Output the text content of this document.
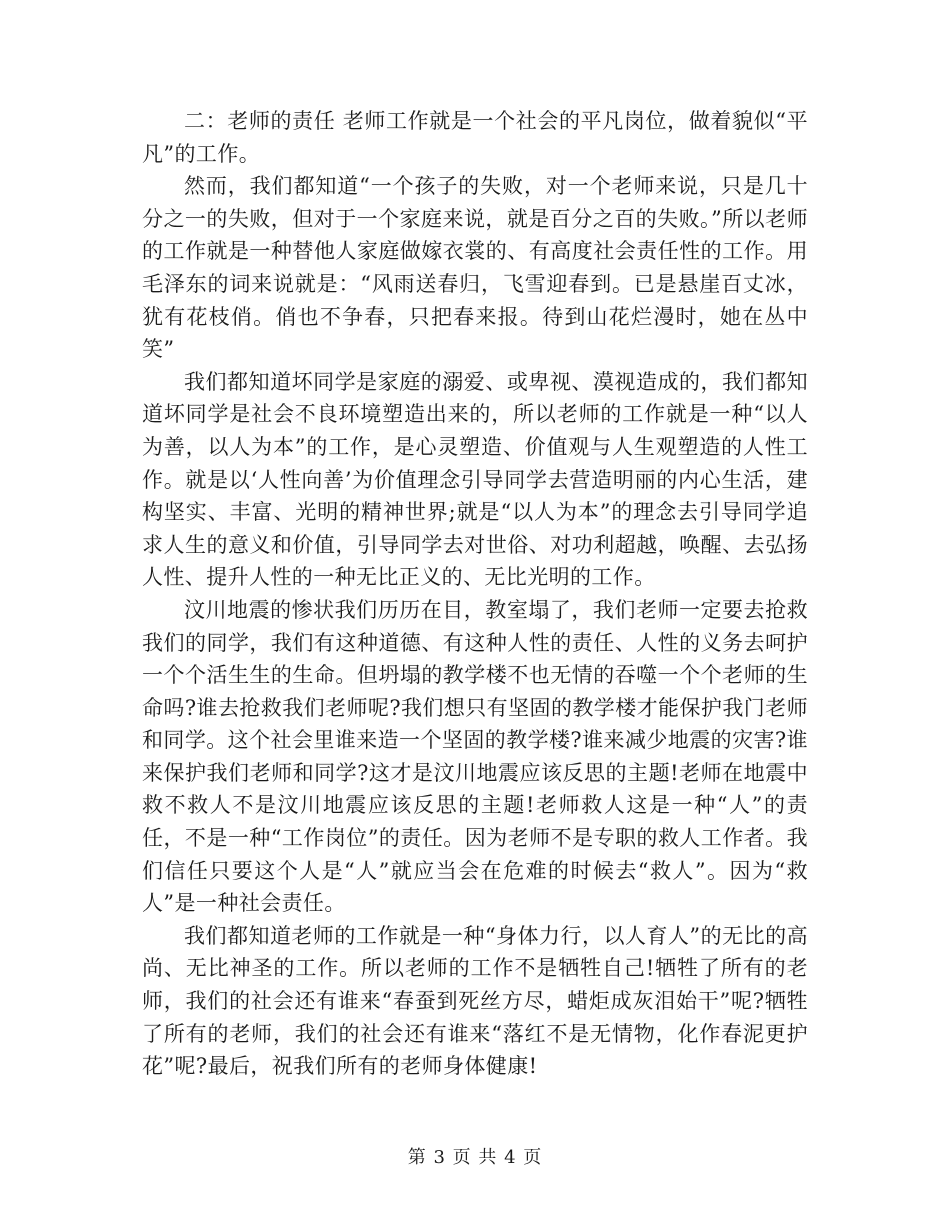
二：老师的责任 老师工作就是一个社会的平凡岗位，做着貌似“平凡”的工作。

然而，我们都知道“一个孩子的失败，对一个老师来说，只是几十分之一的失败，但对于一个家庭来说，就是百分之百的失败。”所以老师的工作就是一种替他人家庭做嫁衣裳的、有高度社会责任性的工作。用毛泽东的词来说就是：“风雨送春归，飞雪迎春到。已是悬崖百丈冰，犹有花枝俏。俏也不争春，只把春来报。待到山花烂漫时，她在丛中笑”

我们都知道坏同学是家庭的溺爱、或卑视、漠视造成的，我们都知道坏同学是社会不良环境塑造出来的，所以老师的工作就是一种“以人为善，以人为本”的工作，是心灵塑造、价值观与人生观塑造的人性工作。就是以‘人性向善’为价值理念引导同学去营造明丽的内心生活，建构坚实、丰富、光明的精神世界;就是“以人为本”的理念去引导同学追求人生的意义和价值，引导同学去对世俗、对功利超越，唤醒、去弘扬人性、提升人性的一种无比正义的、无比光明的工作。

汶川地震的惨状我们历历在目，教室塌了，我们老师一定要去抢救我们的同学，我们有这种道德、有这种人性的责任、人性的义务去呵护一个个活生生的生命。但坍塌的教学楼不也无情的吞噬一个个老师的生命吗?谁去抢救我们老师呢?我们想只有坚固的教学楼才能保护我门老师和同学。这个社会里谁来造一个坚固的教学楼?谁来减少地震的灾害?谁来保护我们老师和同学?这才是汶川地震应该反思的主题!老师在地震中救不救人不是汶川地震应该反思的主题!老师救人这是一种“人”的责任，不是一种“工作岗位”的责任。因为老师不是专职的救人工作者。我们信任只要这个人是“人”就应当会在危难的时候去“救人”。因为“救人”是一种社会责任。

我们都知道老师的工作就是一种“身体力行，以人育人”的无比的高尚、无比神圣的工作。所以老师的工作不是牺牲自己!牺牲了所有的老师，我们的社会还有谁来“春蚕到死丝方尽，蜡炬成灰泪始干”呢?牺牲了所有的老师，我们的社会还有谁来“落红不是无情物，化作春泥更护花”呢?最后，祝我们所有的老师身体健康!

第 3 页 共 4 页
